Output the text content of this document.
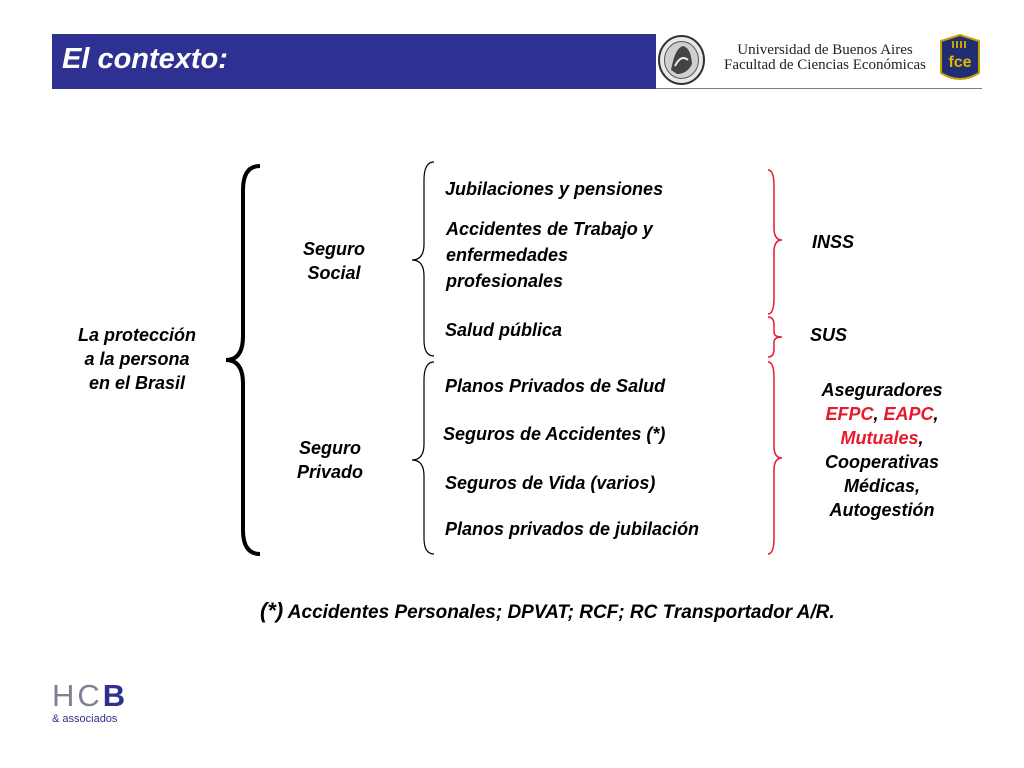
El contexto:	Universidad de Buenos Aires
Facultad de Ciencias Económicas	fce
La protección
a la persona
en el Brasil
Seguro
Social
Seguro
Privado
Jubilaciones y pensiones
Accidentes de Trabajo y
enfermedades
profesionales
Salud pública
Planos Privados de Salud
Seguros de Accidentes (*)
Seguros de Vida (varios)
Planos privados de jubilación
INSS
SUS
Aseguradores
EFPC, EAPC,
Mutuales,
Cooperativas
Médicas,
Autogestión
(*) Accidentes Personales; DPVAT; RCF; RC Transportador A/R.
HCB
& associados
